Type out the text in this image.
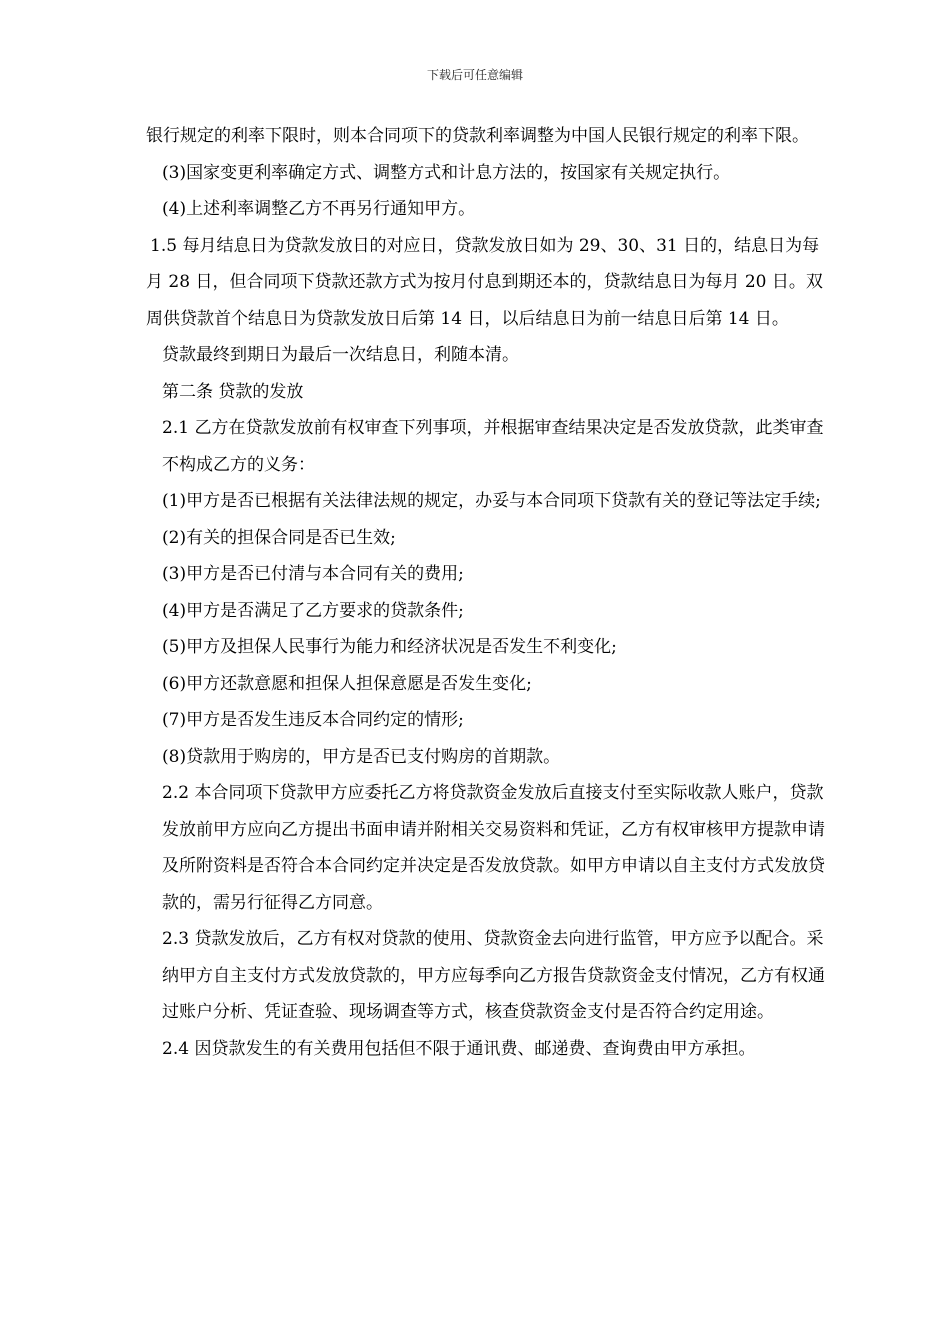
下载后可任意编辑

银行规定的利率下限时，则本合同项下的贷款利率调整为中国人民银行规定的利率下限。

(3)国家变更利率确定方式、调整方式和计息方法的，按国家有关规定执行。

(4)上述利率调整乙方不再另行通知甲方。

1.5 每月结息日为贷款发放日的对应日，贷款发放日如为 29、30、31 日的，结息日为每月 28 日，但合同项下贷款还款方式为按月付息到期还本的，贷款结息日为每月 20 日。双周供贷款首个结息日为贷款发放日后第 14 日，以后结息日为前一结息日后第 14 日。

贷款最终到期日为最后一次结息日，利随本清。

第二条 贷款的发放

2.1 乙方在贷款发放前有权审查下列事项，并根据审查结果决定是否发放贷款，此类审查不构成乙方的义务：

(1)甲方是否已根据有关法律法规的规定，办妥与本合同项下贷款有关的登记等法定手续;

(2)有关的担保合同是否已生效;

(3)甲方是否已付清与本合同有关的费用;

(4)甲方是否满足了乙方要求的贷款条件;

(5)甲方及担保人民事行为能力和经济状况是否发生不利变化;

(6)甲方还款意愿和担保人担保意愿是否发生变化;

(7)甲方是否发生违反本合同约定的情形;

(8)贷款用于购房的，甲方是否已支付购房的首期款。

2.2 本合同项下贷款甲方应委托乙方将贷款资金发放后直接支付至实际收款人账户，贷款发放前甲方应向乙方提出书面申请并附相关交易资料和凭证，乙方有权审核甲方提款申请及所附资料是否符合本合同约定并决定是否发放贷款。如甲方申请以自主支付方式发放贷款的，需另行征得乙方同意。

2.3 贷款发放后，乙方有权对贷款的使用、贷款资金去向进行监管，甲方应予以配合。采纳甲方自主支付方式发放贷款的，甲方应每季向乙方报告贷款资金支付情况，乙方有权通过账户分析、凭证查验、现场调查等方式，核查贷款资金支付是否符合约定用途。

2.4 因贷款发生的有关费用包括但不限于通讯费、邮递费、查询费由甲方承担。
